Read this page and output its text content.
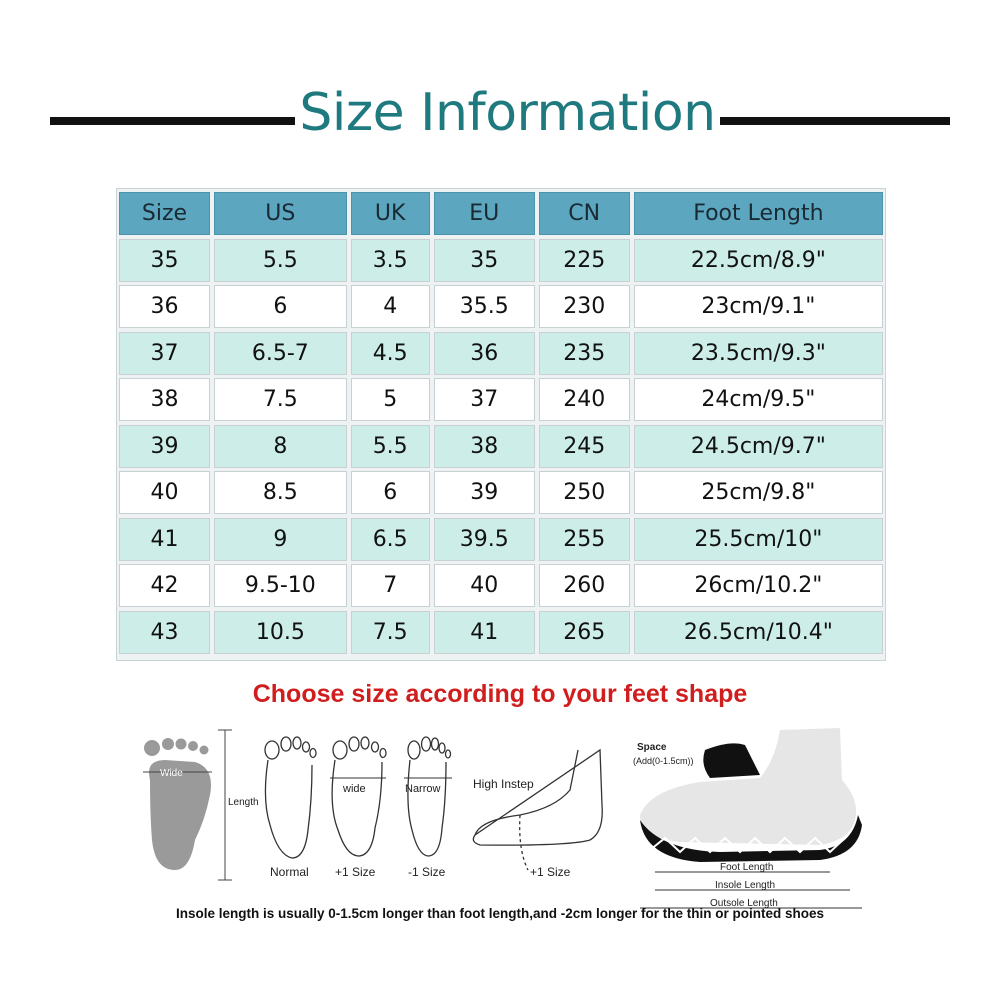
Size Information
Size	US	UK	EU	CN	Foot Length
35	5.5	3.5	35	225	22.5cm/8.9"
36	6	4	35.5	230	23cm/9.1"
37	6.5-7	4.5	36	235	23.5cm/9.3"
38	7.5	5	37	240	24cm/9.5"
39	8	5.5	38	245	24.5cm/9.7"
40	8.5	6	39	250	25cm/9.8"
41	9	6.5	39.5	255	25.5cm/10"
42	9.5-10	7	40	260	26cm/10.2"
43	10.5	7.5	41	265	26.5cm/10.4"
Choose size according to your feet shape
Wide
Length
Normal
wide
+1 Size
Narrow
-1 Size
High Instep
+1 Size
Space
(Add(0-1.5cm))
Foot Length
Insole Length
Outsole Length
Insole length is usually 0-1.5cm longer than foot length,and -2cm longer for the thin or pointed shoes
